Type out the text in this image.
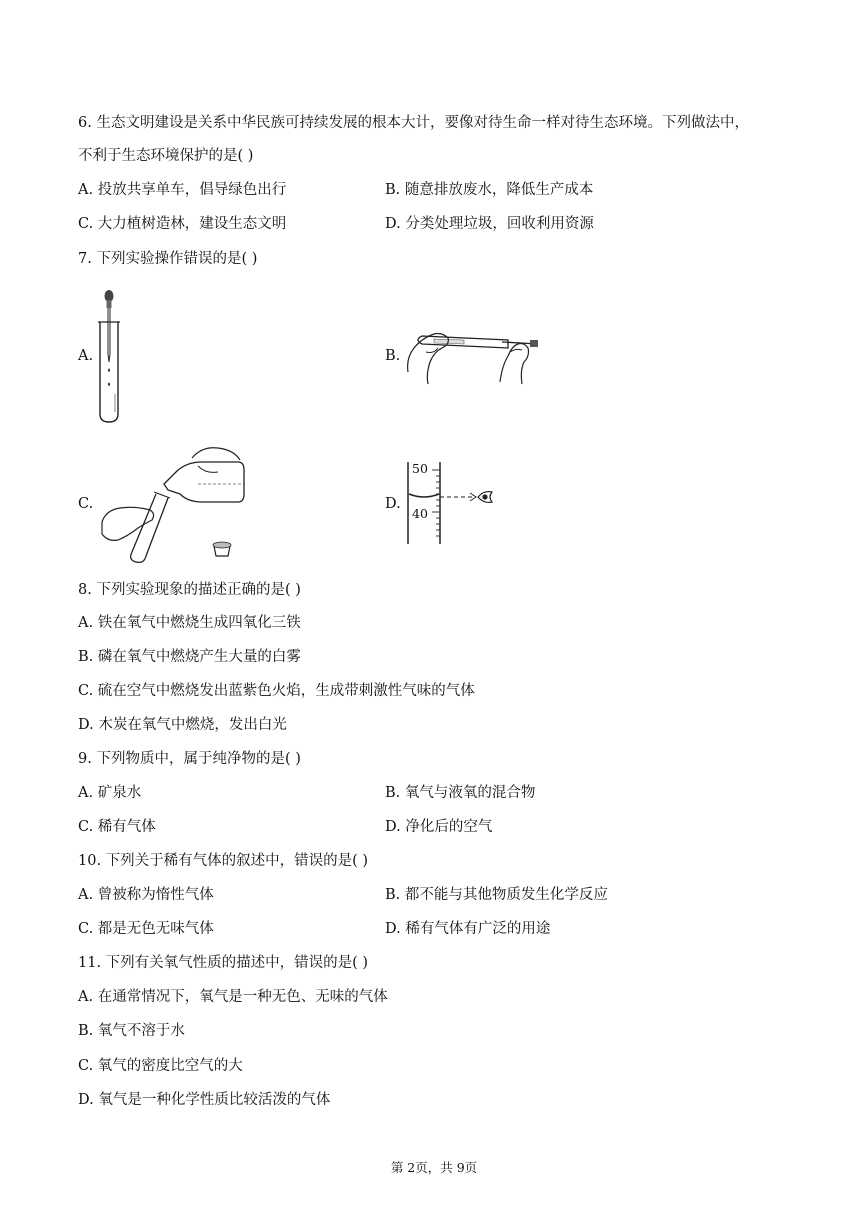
6. 生态文明建设是关系中华民族可持续发展的根本大计，要像对待生命一样对待生态环境。下列做法中，
不利于生态环境保护的是( )
A. 投放共享单车，倡导绿色出行	B. 随意排放废水，降低生产成本
C. 大力植树造林，建设生态文明	D. 分类处理垃圾，回收利用资源
7. 下列实验操作错误的是( )
A.	B.
C.	D.
50
40
8. 下列实验现象的描述正确的是( )
A. 铁在氧气中燃烧生成四氧化三铁
B. 磷在氧气中燃烧产生大量的白雾
C. 硫在空气中燃烧发出蓝紫色火焰，生成带刺激性气味的气体
D. 木炭在氧气中燃烧，发出白光
9. 下列物质中，属于纯净物的是( )
A. 矿泉水	B. 氧气与液氧的混合物
C. 稀有气体	D. 净化后的空气
10. 下列关于稀有气体的叙述中，错误的是( )
A. 曾被称为惰性气体	B. 都不能与其他物质发生化学反应
C. 都是无色无味气体	D. 稀有气体有广泛的用途
11. 下列有关氧气性质的描述中，错误的是( )
A. 在通常情况下，氧气是一种无色、无味的气体
B. 氧气不溶于水
C. 氧气的密度比空气的大
D. 氧气是一种化学性质比较活泼的气体
第 2页，共 9页
